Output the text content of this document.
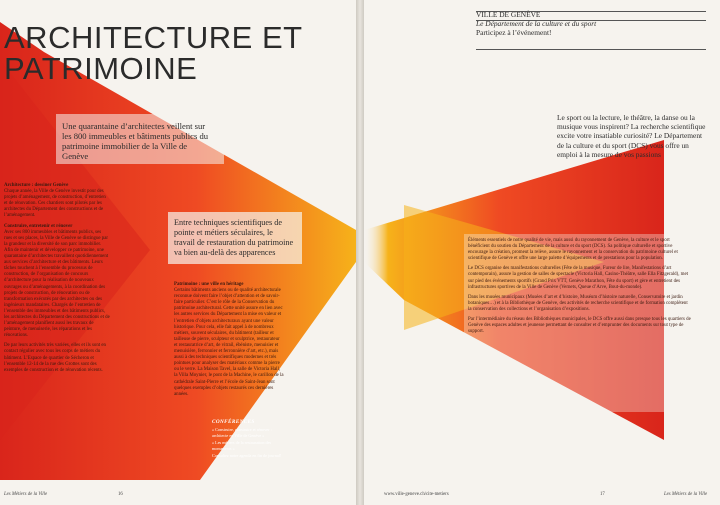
ARCHITECTURE ET PATRIMOINE
Une quarantaine d’architectes veillent sur les 800 immeubles et bâtiments publics du patrimoine immobilier de la Ville de Genève

Architecture : dessiner Genève
Chaque année, la Ville de Genève investit pour des projets d’aménagement, de construction, d’entretien et de rénovation. Ces chantiers sont pilotés par les architectes du Département des constructions et de l’aménagement.

Construire, entretenir et rénover
Avec ses 800 immeubles et bâtiments publics, ses rues et ses places, la Ville de Genève se distingue par la grandeur et la diversité de son parc immobilier. Afin de maintenir et développer ce patrimoine, une quarantaine d’architectes travaillent quotidiennement aux services d’architecture et des bâtiments. Leurs tâches touchent à l’ensemble du processus de construction, de l’organisation de concours d’architecture pour la réalisation de nouveaux ouvrages ou d’aménagements, à la coordination des projets de construction, de rénovation ou de transformation exécutés par des architectes ou des ingénieurs mandataires. Chargés de l’entretien de l’ensemble des immeubles et des bâtiments publics, les architectes du Département des constructions et de l’aménagement planifient aussi les travaux de peinture, de menuiserie, les réparations et les rénovations.

De par leurs activités très variées, elles et ils sont en contact régulier avec tous les corps de métiers du bâtiment. L’Espace de quartier de Sécheron et l’ensemble 12-14 de la rue des Grottes sont des exemples de construction et de rénovation récents.

Entre techniques scientifiques de pointe et métiers séculaires, le travail de restauration du patrimoine va bien au-delà des apparences

Patrimoine : une ville en héritage
Certains bâtiments anciens ou de qualité architecturale reconnue doivent faire l’objet d’attention et de savoir-faire particulier. C’est le rôle de la Conservation du patrimoine architectural. Cette unité assure en lien avec les autres services du Département la mise en valeur et l’entretien d’objets architecturaux ayant une valeur historique. Pour cela, elle fait appel à de nombreux métiers, souvent séculaires, du bâtiment (tailleur et tailleuse de pierre, sculpteur et sculptrice, restaurateur et restauratrice d’art, de vitrail, ébéniste, menuisier et menuisière, ferronnier et ferronnière d’art, etc.), mais aussi à des techniques scientifiques modernes et très pointues pour analyser des matériaux comme la pierre ou le verre. La Maison Tavel, la salle de Victoria Hall, la Villa Moynier, le pont de la Machine, le carillon de la cathédrale Saint-Pierre et l’école de Saint-Jean sont quelques exemples d’objets restaurés ces dernières années.

CONFÉRENCES

« Construire, construire et rénover : architecte en Ville de Genève »

« Les métiers de la restauration des monuments »

Consultez notre agenda en fin de journal!

Les Métiers de la Ville	16
VILLE DE GENÈVE
Le Département de la culture et du sport
Participez à l’événement!
Le sport ou la lecture, le théâtre, la danse ou la musique vous inspirent? La recherche scientifique excite votre insatiable curiosité? Le Département de la culture et du sport (DCS) vous offre un emploi à la mesure de vos passions

Éléments essentiels de notre qualité de vie, mais aussi du rayonnement de Genève, la culture et le sport bénéficient du soutien du Département de la culture et du sport (DCS). Sa politique culturelle et sportive encourage la création, promeut la relève, assure le rayonnement et la conservation du patrimoine culturel et scientifique de Genève et offre une large palette d’équipements et de prestations pour la population.

Le DCS organise des manifestations culturelles (Fête de la musique, Fureur de lire, Manifestations d’art contemporain), assure la gestion de salles de spectacle (Victoria Hall, Casino-Théâtre, salle Ella Fitzgerald), met sur pied des événements sportifs (Grand Prix VTT, Genève Marathon, Fête du sport) et gère et entretient des infrastructures sportives de la Ville de Genève (Vernets, Queue d’Arve, Bout-du-monde).

Dans les musées municipaux (Musées d’art et d’histoire, Muséum d’histoire naturelle, Conservatoire et jardin botaniques…) et à la Bibliothèque de Genève, des activités de recherche scientifique et de formation complètent la conservation des collections et l’organisation d’expositions.

Par l’intermédiaire du réseau des Bibliothèques municipales, le DCS offre aussi dans presque tous les quartiers de Genève des espaces adultes et jeunesse permettant de consulter et d’emprunter des documents sur tout type de support.

www.ville-geneve.ch/cite-metiers	17	Les Métiers de la Ville
